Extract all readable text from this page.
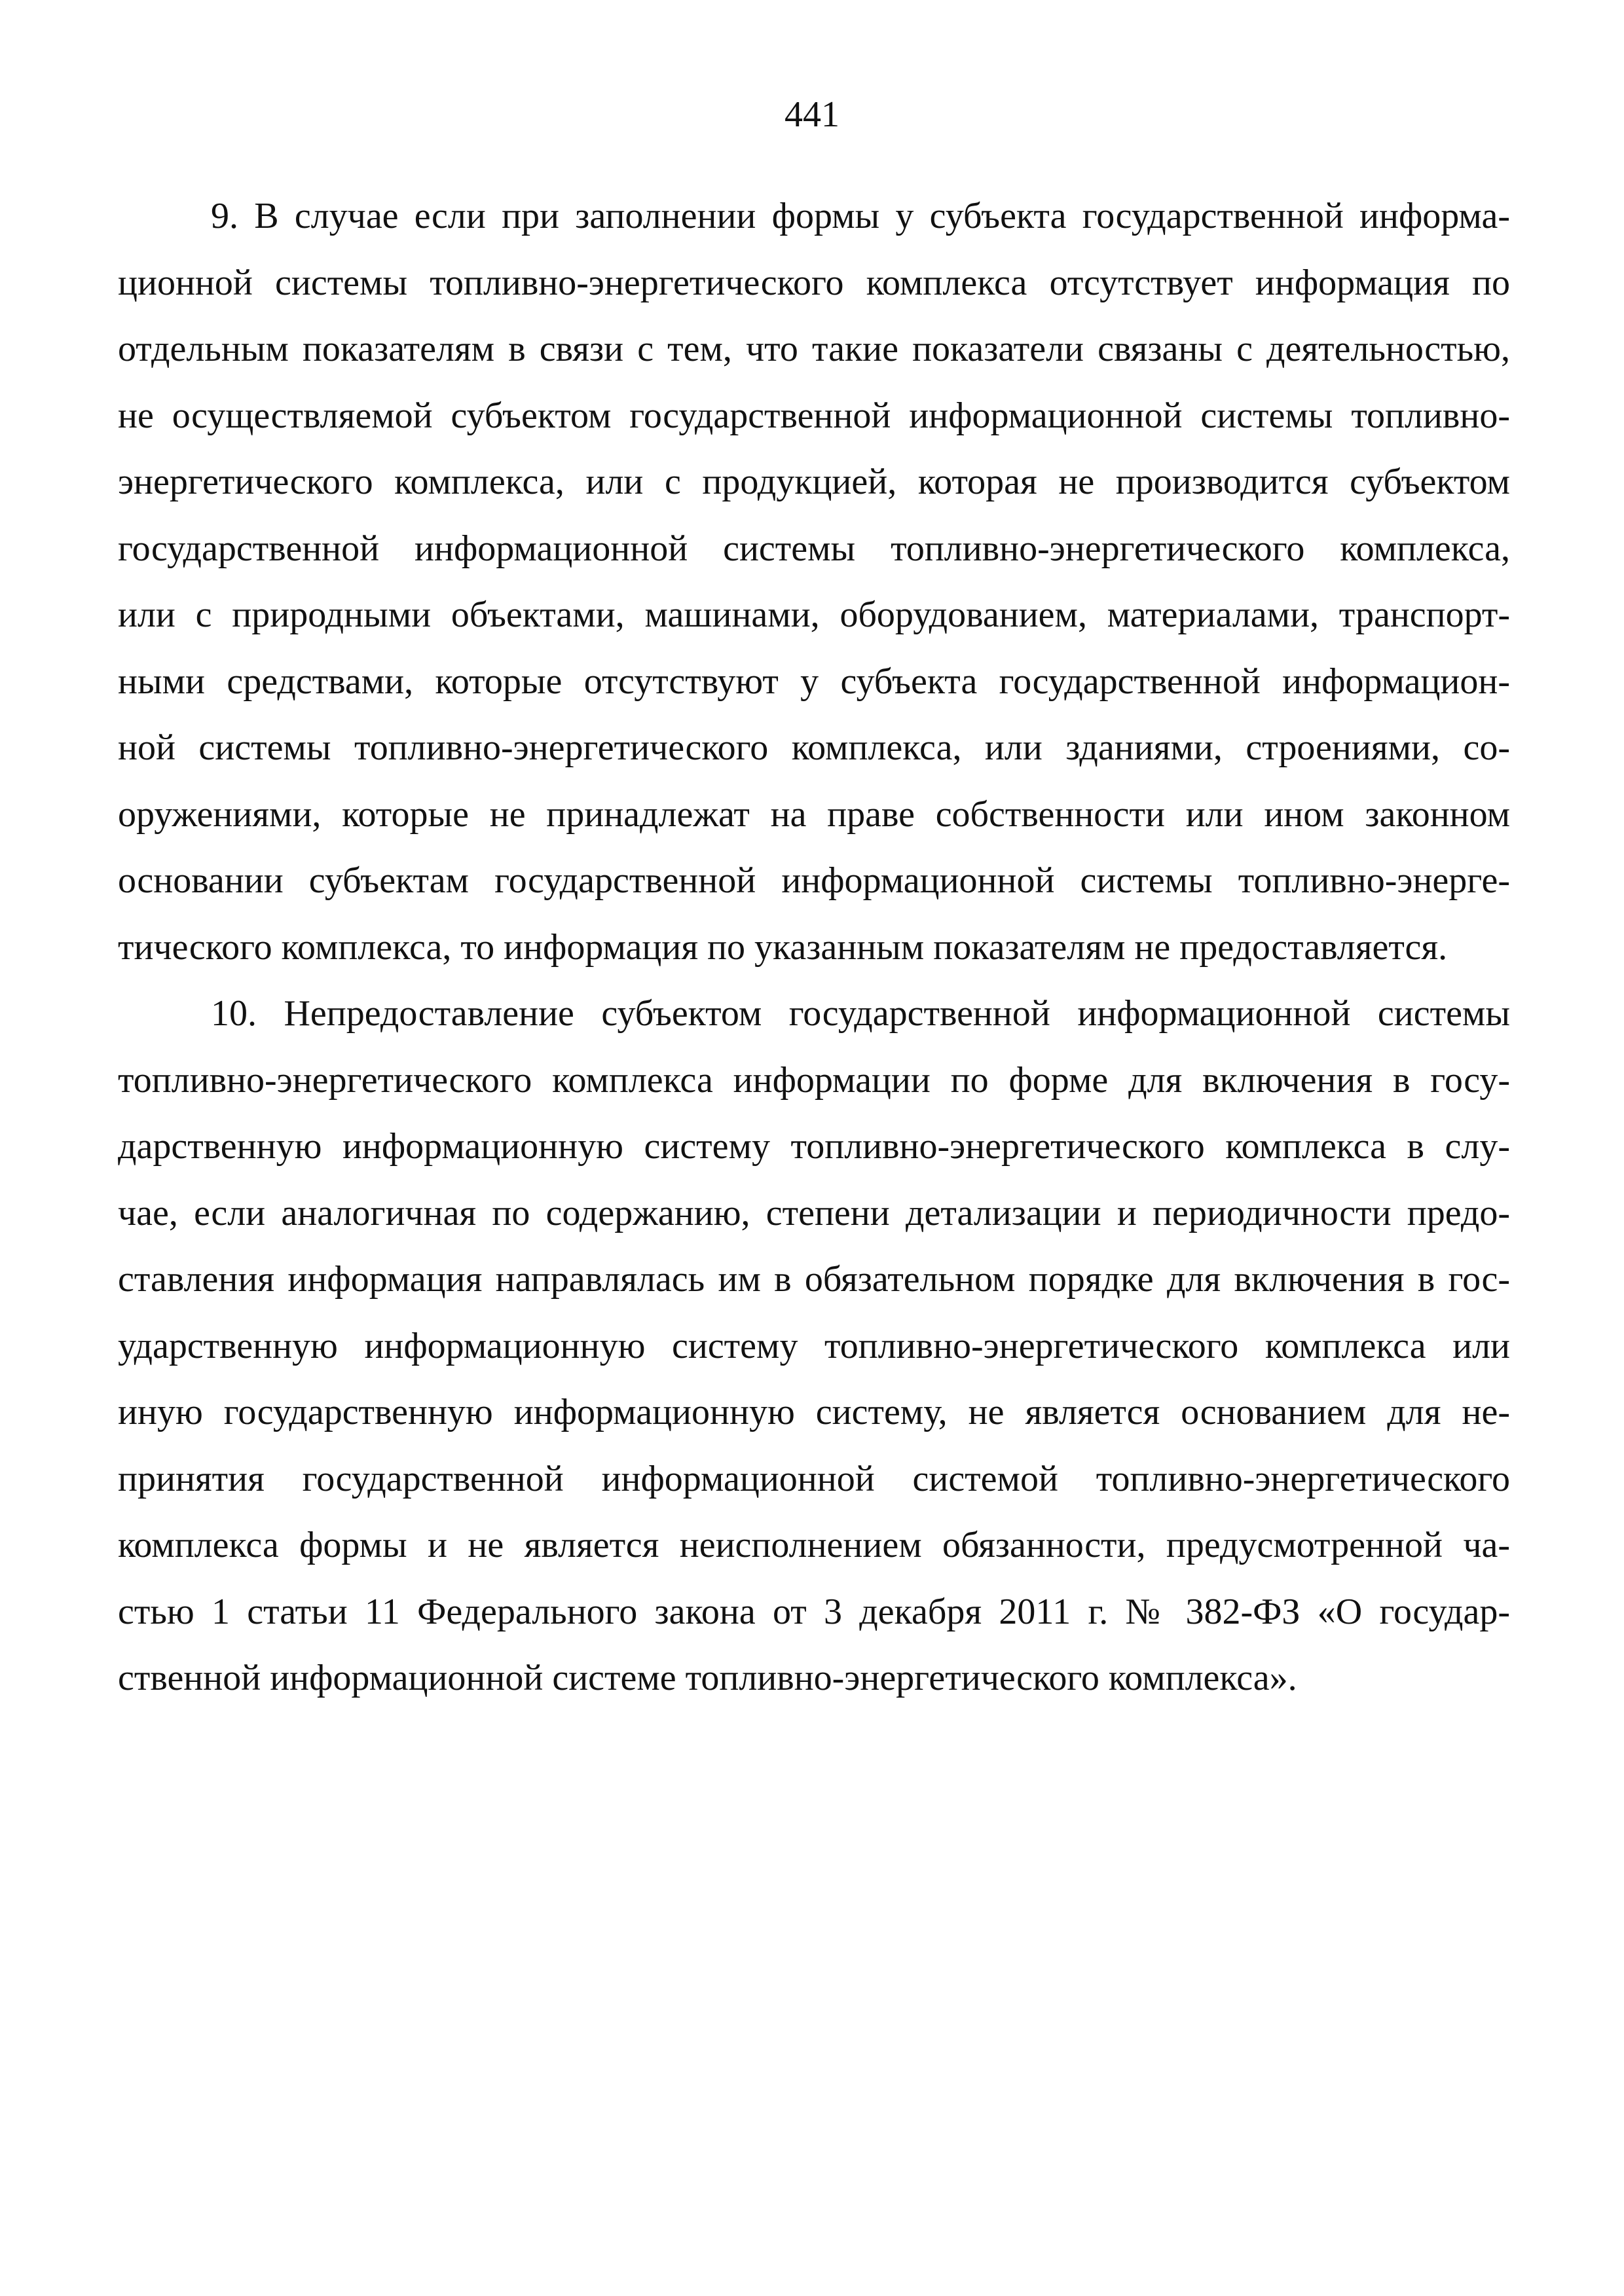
441
9. В случае если при заполнении формы у субъекта государственной информа-
ционной системы топливно-энергетического комплекса отсутствует информация по
отдельным показателям в связи с тем, что такие показатели связаны с деятельностью,
не осуществляемой субъектом государственной информационной системы топливно-
энергетического комплекса, или с продукцией, которая не производится субъектом
государственной информационной системы топливно-энергетического комплекса,
или с природными объектами, машинами, оборудованием, материалами, транспорт-
ными средствами, которые отсутствуют у субъекта государственной информацион-
ной системы топливно-энергетического комплекса, или зданиями, строениями, со-
оружениями, которые не принадлежат на праве собственности или ином законном
основании субъектам государственной информационной системы топливно-энерге-
тического комплекса, то информация по указанным показателям не предоставляется.
10. Непредоставление субъектом государственной информационной системы
топливно-энергетического комплекса информации по форме для включения в госу-
дарственную информационную систему топливно-энергетического комплекса в слу-
чае, если аналогичная по содержанию, степени детализации и периодичности предо-
ставления информация направлялась им в обязательном порядке для включения в гос-
ударственную информационную систему топливно-энергетического комплекса или
иную государственную информационную систему, не является основанием для не-
принятия государственной информационной системой топливно-энергетического
комплекса формы и не является неисполнением обязанности, предусмотренной ча-
стью 1 статьи 11 Федерального закона от 3 декабря 2011 г. № 382-ФЗ «О государ-
ственной информационной системе топливно-энергетического комплекса».
